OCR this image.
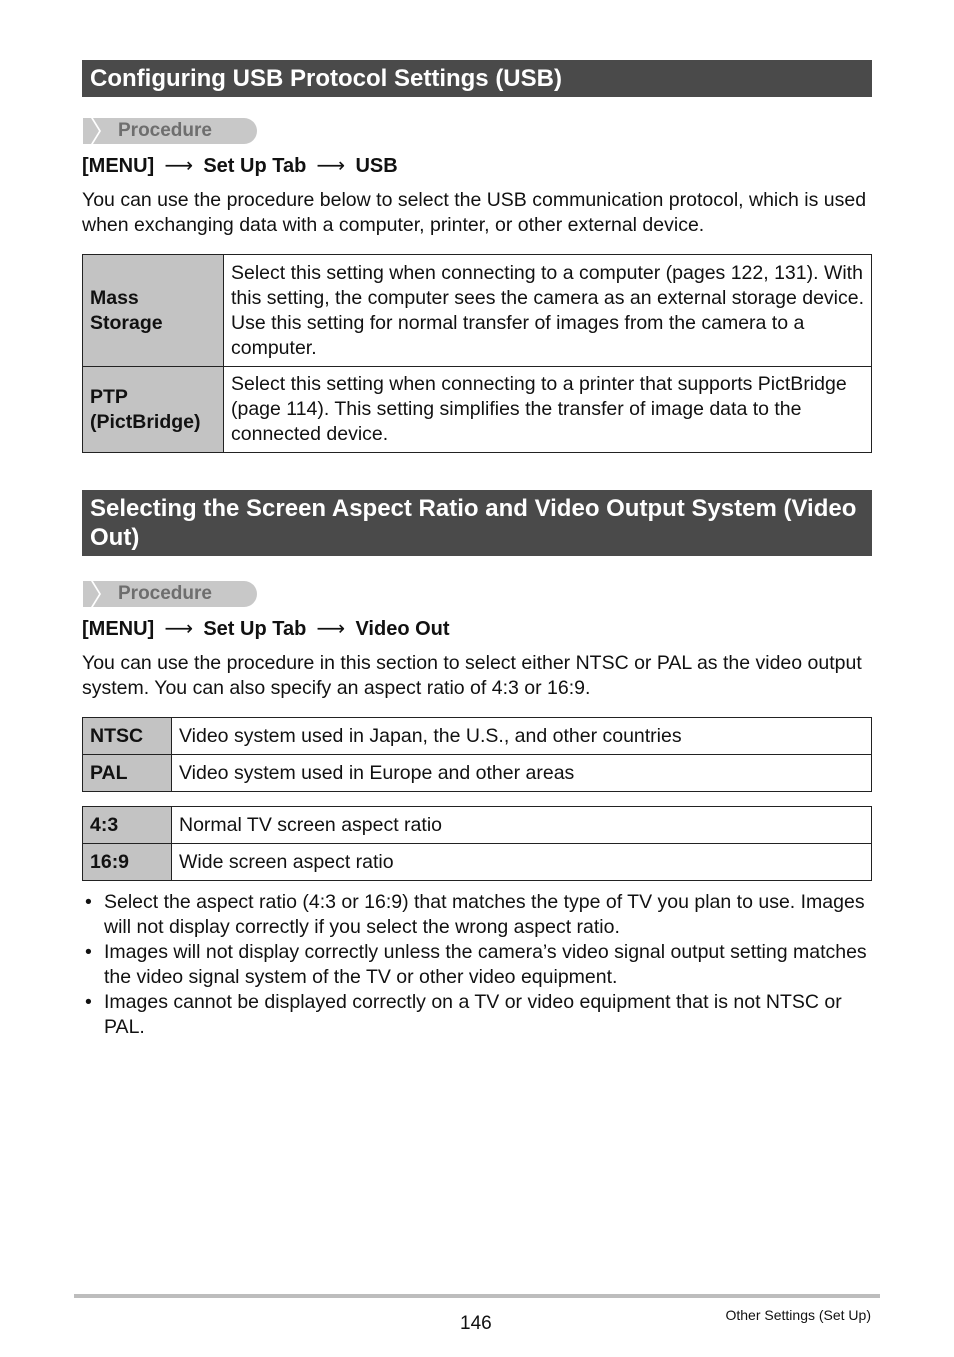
Configuring USB Protocol Settings (USB)
Procedure
[MENU] ⟶ Set Up Tab ⟶ USB

You can use the procedure below to select the USB communication protocol, which is used when exchanging data with a computer, printer, or other external device.

Mass Storage	Select this setting when connecting to a computer (pages 122, 131). With this setting, the computer sees the camera as an external storage device. Use this setting for normal transfer of images from the camera to a computer.
PTP (PictBridge)	Select this setting when connecting to a printer that supports PictBridge (page 114). This setting simplifies the transfer of image data to the connected device.
Selecting the Screen Aspect Ratio and Video Output System (Video Out)
Procedure
[MENU] ⟶ Set Up Tab ⟶ Video Out

You can use the procedure in this section to select either NTSC or PAL as the video output system. You can also specify an aspect ratio of 4:3 or 16:9.

NTSC	Video system used in Japan, the U.S., and other countries
PAL	Video system used in Europe and other areas
4:3	Normal TV screen aspect ratio
16:9	Wide screen aspect ratio
• Select the aspect ratio (4:3 or 16:9) that matches the type of TV you plan to use. Images will not display correctly if you select the wrong aspect ratio.
• Images will not display correctly unless the camera’s video signal output setting matches the video signal system of the TV or other video equipment.
• Images cannot be displayed correctly on a TV or video equipment that is not NTSC or PAL.
146	Other Settings (Set Up)
